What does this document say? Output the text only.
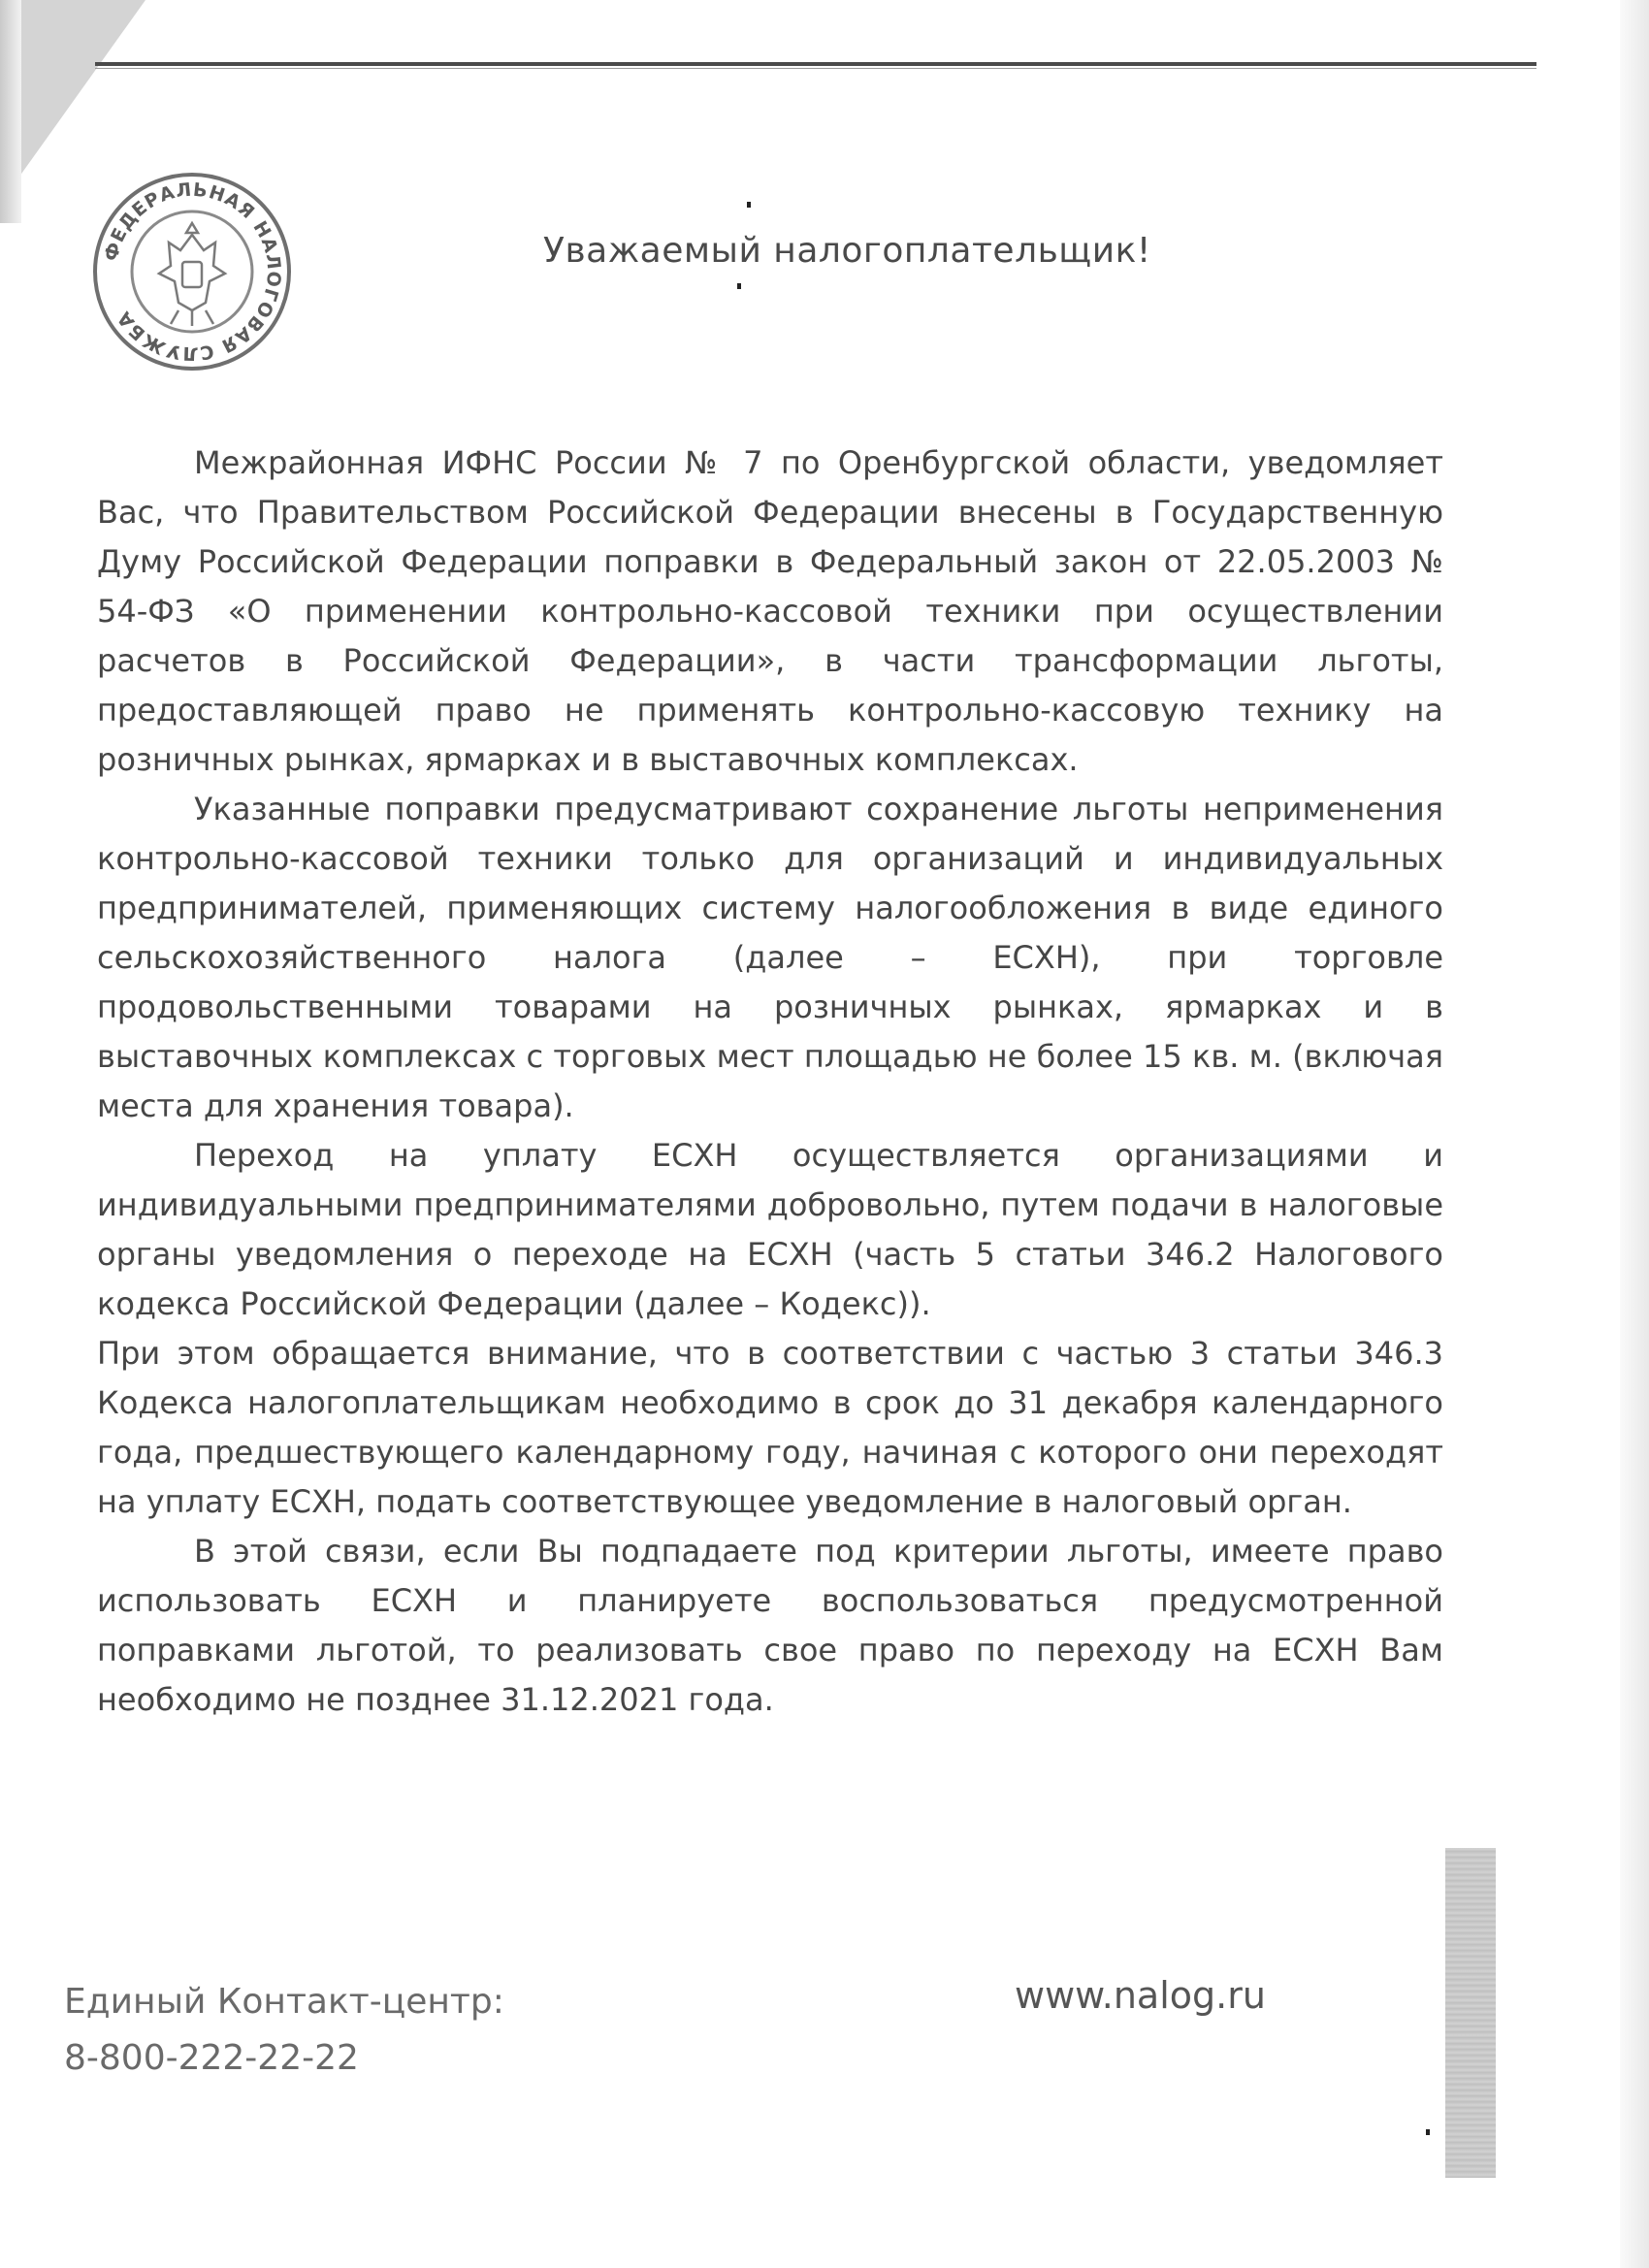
ФЕДЕРАЛЬНАЯ НАЛОГОВАЯ СЛУЖБА
Уважаемый налогоплательщик!

Межрайонная ИФНС России № 7 по Оренбургской области, уведомляет Вас, что Правительством Российской Федерации внесены в Государственную Думу Российской Федерации поправки в Федеральный закон от 22.05.2003 № 54-ФЗ «О применении контрольно-кассовой техники при осуществлении расчетов в Российской Федерации», в части трансформации льготы, предоставляющей право не применять контрольно-кассовую технику на розничных рынках, ярмарках и в выставочных комплексах.

Указанные поправки предусматривают сохранение льготы неприменения контрольно-кассовой техники только для организаций и индивидуальных предпринимателей, применяющих систему налогообложения в виде единого сельскохозяйственного налога (далее – ЕСХН), при торговле продовольственными товарами на розничных рынках, ярмарках и в выставочных комплексах с торговых мест площадью не более 15 кв. м. (включая места для хранения товара).

Переход на уплату ЕСХН осуществляется организациями и индивидуальными предпринимателями добровольно, путем подачи в налоговые органы уведомления о переходе на ЕСХН (часть 5 статьи 346.2 Налогового кодекса Российской Федерации (далее – Кодекс)).

При этом обращается внимание, что в соответствии с частью 3 статьи 346.3 Кодекса налогоплательщикам необходимо в срок до 31 декабря календарного года, предшествующего календарному году, начиная с которого они переходят на уплату ЕСХН, подать соответствующее уведомление в налоговый орган.

В этой связи, если Вы подпадаете под критерии льготы, имеете право использовать ЕСХН и планируете воспользоваться предусмотренной поправками льготой, то реализовать свое право по переходу на ЕСХН Вам необходимо не позднее 31.12.2021 года.

Единый Контакт-центр:
8-800-222-22-22
www.nalog.ru
